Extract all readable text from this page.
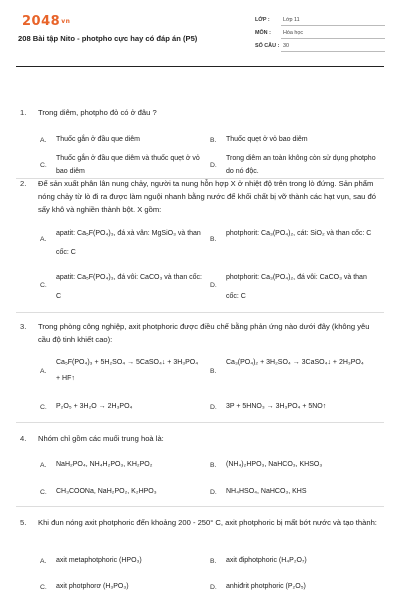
2048vn
208 Bài tập Nito - photpho cực hay có đáp án (P5)
LỚP : Lớp 11
MÔN : Hóa học
SỐ CÂU : 30
1. Trong diêm, photpho đỏ có ở đâu ?
A. Thuốc gắn ở đầu que diêm	B. Thuốc quẹt ở vỏ bao diêm
C.
Thuốc gắn ở đầu que diêm và thuốc quẹt ở vỏ bao diêm
D.
Trong diêm an toàn không còn sử dụng photpho do nó độc.
2. Để sản xuất phân lân nung chảy, người ta nung hỗn hợp X ở nhiệt độ trên trong lò đứng. Sản phẩm nóng chảy từ lò đi ra được làm nguội nhanh bằng nước để khối chất bị vỡ thành các hạt vụn, sau đó sấy khô và nghiền thành bột. X gồm:
A.
apatit: Ca₅F(PO₄)₃, đá xà vân: MgSiO₃ và than cốc: C
B.
photphorit: Ca₃(PO₄)₂, cát: SiO₂ và than cốc: C
C.
apatit: Ca₅F(PO₄)₃, đá vôi: CaCO₃ và than cốc: C
D.
photphorit: Ca₃(PO₄)₂, đá vôi: CaCO₃ và than cốc: C
3. Trong phòng công nghiệp, axit photphoric được điều chế bằng phản ứng nào dưới đây (không yêu cầu độ tinh khiết cao):
A.
Ca₅F(PO₄)₃ + 5H₂SO₄ → 5CaSO₄↓ + 3H₃PO₄ + HF↑
B.
Ca₃(PO₄)₂ + 3H₂SO₄ → 3CaSO₄↓ + 2H₃PO₄
C. P₂O₅ + 3H₂O → 2H₃PO₄	D. 3P + 5HNO₃ → 3H₃PO₄ + 5NO↑
4. Nhóm chỉ gồm các muối trung hoà là:
A. NaH₂PO₄, NH₄H₂PO₃, KH₂PO₂	B. (NH₄)₂HPO₃, NaHCO₃, KHSO₃
C. CH₃COONa, NaH₂PO₂, K₂HPO₃	D. NH₄HSO₄, NaHCO₃, KHS
5. Khi đun nóng axit photphoric đến khoảng 200 - 250° C, axit photphoric bị mất bớt nước và tạo thành:
A. axit metaphotphoric (HPO₃)	B. axit điphotphoric (H₄P₂O₇)
C. axit photphorơ (H₃PO₃)	D. anhiđrit photphoric (P₂O₅)
